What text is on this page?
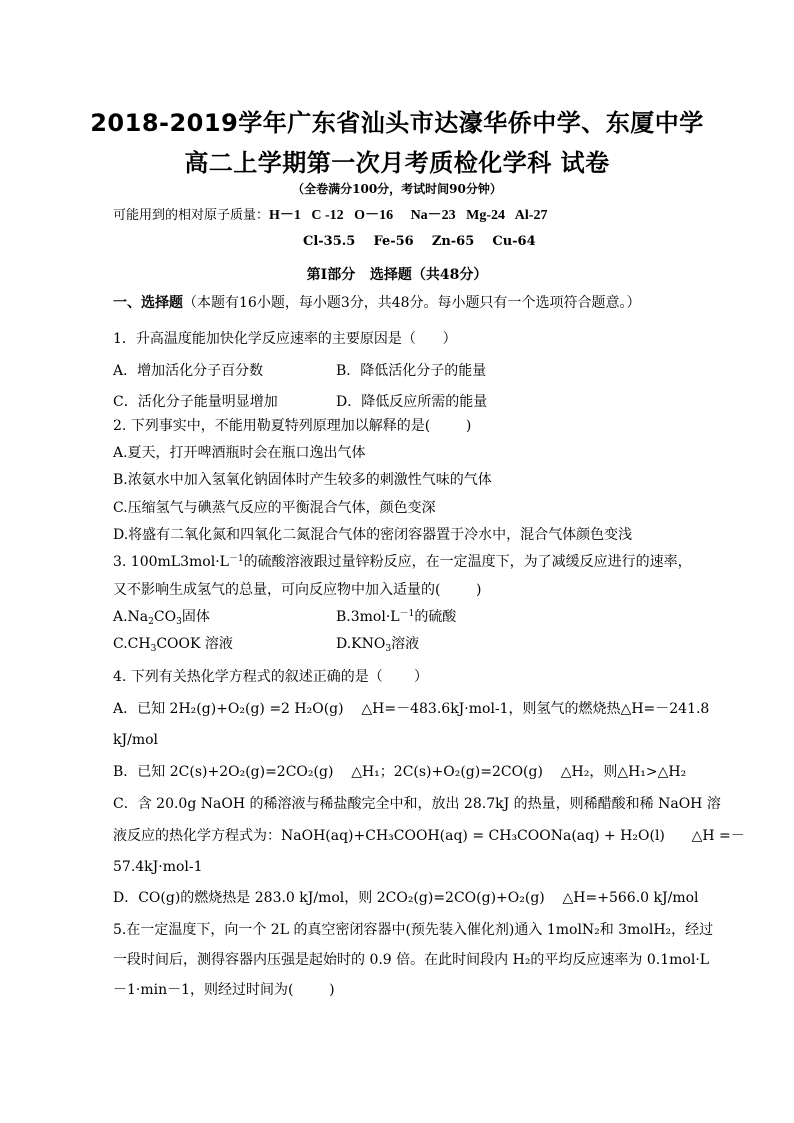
2018-2019学年广东省汕头市达濠华侨中学、东厦中学
高二上学期第一次月考质检化学科 试卷
（全卷满分100分，考试时间90分钟）
可能用到的相对原子质量：H－1   C -12   O－16     Na－23   Mg-24   Al-27
Cl-35.5    Fe-56    Zn-65    Cu-64
第Ⅰ部分   选择题（共48分）
一、选择题（本题有16小题，每小题3分，共48分。每小题只有一个选项符合题意。）
1．升高温度能加快化学反应速率的主要原因是（      ）
A．增加活化分子百分数	B．降低活化分子的能量
C．活化分子能量明显增加	D．降低反应所需的能量
2. 下列事实中，不能用勒夏特列原理加以解释的是(        )
A.夏天，打开啤酒瓶时会在瓶口逸出气体
B.浓氨水中加入氢氧化钠固体时产生较多的刺激性气味的气体
C.压缩氢气与碘蒸气反应的平衡混合气体，颜色变深
D.将盛有二氧化氮和四氧化二氮混合气体的密闭容器置于冷水中，混合气体颜色变浅
3. $100mL3mol\cdot L^{-1}$的硫酸溶液跟过量锌粉反应，在一定温度下，为了减缓反应进行的速率，
又不影响生成氢气的总量，可向反应物中加入适量的(        )
$A.Na_2CO_3$固体	$B.3mol\cdot L^{-1}$的硫酸
$C.CH_3COOK$ 溶液	$D.KNO_3$溶液
4. 下列有关热化学方程式的叙述正确的是（       ）
A．已知 2H₂(g)+O₂(g) =2 H₂O(g)    △H=－483.6kJ·mol-1，则氢气的燃烧热△H=－241.8
kJ/mol
B．已知 2C(s)+2O₂(g)=2CO₂(g)    △H₁；2C(s)+O₂(g)=2CO(g)    △H₂，则△H₁>△H₂
C．含 20.0g NaOH 的稀溶液与稀盐酸完全中和，放出 28.7kJ 的热量，则稀醋酸和稀 NaOH 溶
液反应的热化学方程式为：NaOH(aq)+CH₃COOH(aq) = CH₃COONa(aq) + H₂O(l)      △H =－
57.4kJ·mol-1
D．CO(g)的燃烧热是 283.0 kJ/mol，则 2CO₂(g)=2CO(g)+O₂(g)    △H=+566.0 kJ/mol
5.在一定温度下，向一个 2L 的真空密闭容器中(预先装入催化剂)通入 1molN₂和 3molH₂，经过
一段时间后，测得容器内压强是起始时的 0.9 倍。在此时间段内 H₂的平均反应速率为 0.1mol·L
－1·min－1，则经过时间为(        )
